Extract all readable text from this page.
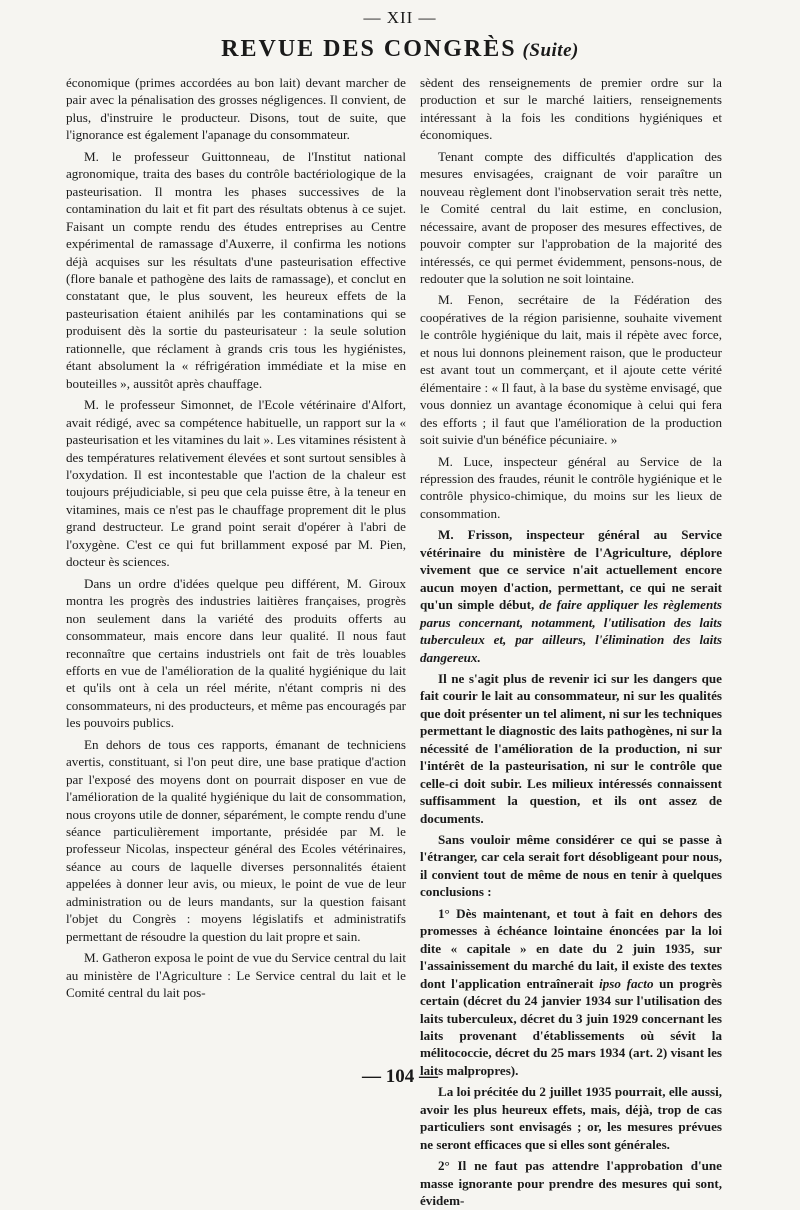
— XII —
REVUE DES CONGRÈS (Suite)

économique (primes accordées au bon lait) devant marcher de pair avec la pénalisation des grosses négligences. Il convient, de plus, d'instruire le producteur. Disons, tout de suite, que l'ignorance est également l'apanage du consommateur.

M. le professeur Guittonneau, de l'Institut national agronomique, traita des bases du contrôle bactériologique de la pasteurisation. Il montra les phases successives de la contamination du lait et fit part des résultats obtenus à ce sujet. Faisant un compte rendu des études entreprises au Centre expérimental de ramassage d'Auxerre, il confirma les notions déjà acquises sur les résultats d'une pasteurisation effective (flore banale et pathogène des laits de ramassage), et conclut en constatant que, le plus souvent, les heureux effets de la pasteurisation étaient anihilés par les contaminations qui se produisent dès la sortie du pasteurisateur : la seule solution rationnelle, que réclament à grands cris tous les hygiénistes, étant absolument la « réfrigération immédiate et la mise en bouteilles », aussitôt après chauffage.

M. le professeur Simonnet, de l'Ecole vétérinaire d'Alfort, avait rédigé, avec sa compétence habituelle, un rapport sur la « pasteurisation et les vitamines du lait ». Les vitamines résistent à des températures relativement élevées et sont surtout sensibles à l'oxydation. Il est incontestable que l'action de la chaleur est toujours préjudiciable, si peu que cela puisse être, à la teneur en vitamines, mais ce n'est pas le chauffage proprement dit le plus grand destructeur. Le grand point serait d'opérer à l'abri de l'oxygène. C'est ce qui fut brillamment exposé par M. Pien, docteur ès sciences.

Dans un ordre d'idées quelque peu différent, M. Giroux montra les progrès des industries laitières françaises, progrès non seulement dans la variété des produits offerts au consommateur, mais encore dans leur qualité. Il nous faut reconnaître que certains industriels ont fait de très louables efforts en vue de l'amélioration de la qualité hygiénique du lait et qu'ils ont à cela un réel mérite, n'étant compris ni des consommateurs, ni des producteurs, et même pas encouragés par les pouvoirs publics.

En dehors de tous ces rapports, émanant de techniciens avertis, constituant, si l'on peut dire, une base pratique d'action par l'exposé des moyens dont on pourrait disposer en vue de l'amélioration de la qualité hygiénique du lait de consommation, nous croyons utile de donner, séparément, le compte rendu d'une séance particulièrement importante, présidée par M. le professeur Nicolas, inspecteur général des Ecoles vétérinaires, séance au cours de laquelle diverses personnalités étaient appelées à donner leur avis, ou mieux, le point de vue de leur administration ou de leurs mandants, sur la question faisant l'objet du Congrès : moyens législatifs et administratifs permettant de résoudre la question du lait propre et sain.

M. Gatheron exposa le point de vue du Service central du lait au ministère de l'Agriculture : Le Service central du lait et le Comité central du lait pos-

sèdent des renseignements de premier ordre sur la production et sur le marché laitiers, renseignements intéressant à la fois les conditions hygiéniques et économiques.

Tenant compte des difficultés d'application des mesures envisagées, craignant de voir paraître un nouveau règlement dont l'inobservation serait très nette, le Comité central du lait estime, en conclusion, nécessaire, avant de proposer des mesures effectives, de pouvoir compter sur l'approbation de la majorité des intéressés, ce qui permet évidemment, pensons-nous, de redouter que la solution ne soit lointaine.

M. Fenon, secrétaire de la Fédération des coopératives de la région parisienne, souhaite vivement le contrôle hygiénique du lait, mais il répète avec force, et nous lui donnons pleinement raison, que le producteur est avant tout un commerçant, et il ajoute cette vérité élémentaire : « Il faut, à la base du système envisagé, que vous donniez un avantage économique à celui qui fera des efforts ; il faut que l'amélioration de la production soit suivie d'un bénéfice pécuniaire. »

M. Luce, inspecteur général au Service de la répression des fraudes, réunit le contrôle hygiénique et le contrôle physico-chimique, du moins sur les lieux de consommation.

M. Frisson, inspecteur général au Service vétérinaire du ministère de l'Agriculture, déplore vivement que ce service n'ait actuellement encore aucun moyen d'action, permettant, ce qui ne serait qu'un simple début, de faire appliquer les règlements parus concernant, notamment, l'utilisation des laits tuberculeux et, par ailleurs, l'élimination des laits dangereux.

Il ne s'agit plus de revenir ici sur les dangers que fait courir le lait au consommateur, ni sur les qualités que doit présenter un tel aliment, ni sur les techniques permettant le diagnostic des laits pathogènes, ni sur la nécessité de l'amélioration de la production, ni sur l'intérêt de la pasteurisation, ni sur le contrôle que celle-ci doit subir. Les milieux intéressés connaissent suffisamment la question, et ils ont assez de documents.

Sans vouloir même considérer ce qui se passe à l'étranger, car cela serait fort désobligeant pour nous, il convient tout de même de nous en tenir à quelques conclusions :

1° Dès maintenant, et tout à fait en dehors des promesses à échéance lointaine énoncées par la loi dite « capitale » en date du 2 juin 1935, sur l'assainissement du marché du lait, il existe des textes dont l'application entraînerait ipso facto un progrès certain (décret du 24 janvier 1934 sur l'utilisation des laits tuberculeux, décret du 3 juin 1929 concernant les laits provenant d'établissements où sévit la mélitococcie, décret du 25 mars 1934 (art. 2) visant les laits malpropres).

La loi précitée du 2 juillet 1935 pourrait, elle aussi, avoir les plus heureux effets, mais, déjà, trop de cas particuliers sont envisagés ; or, les mesures prévues ne seront efficaces que si elles sont générales.

2° Il ne faut pas attendre l'approbation d'une masse ignorante pour prendre des mesures qui sont, évidem-

— 104 —
